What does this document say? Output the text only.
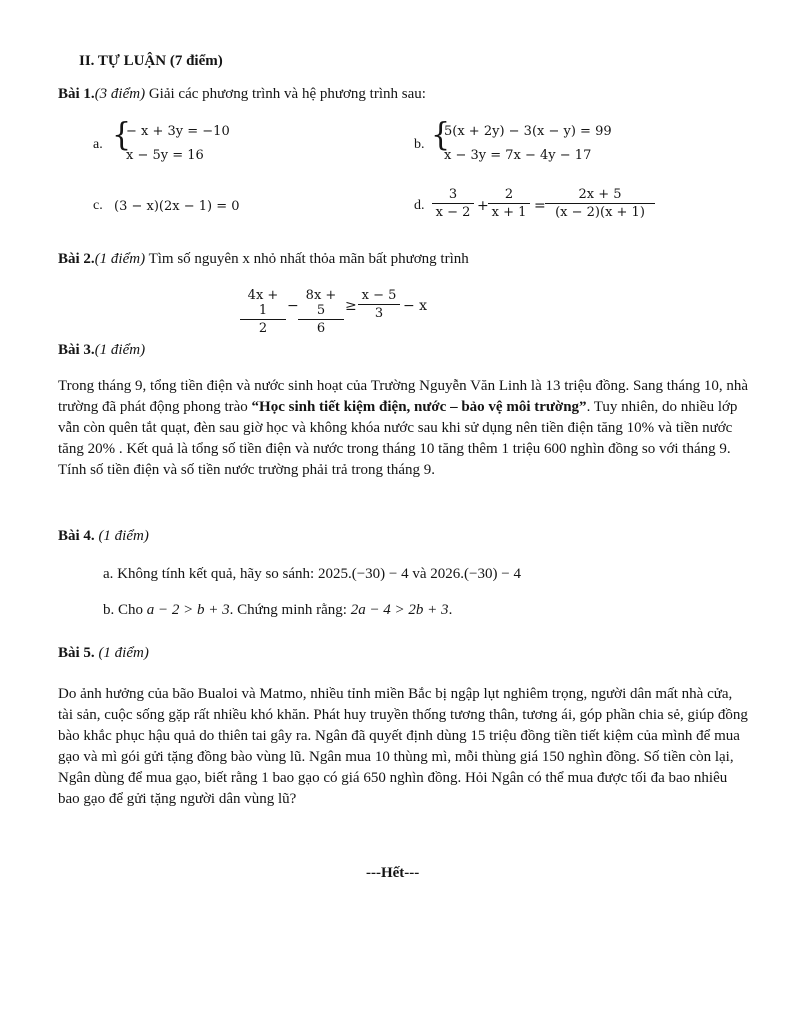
II. TỰ LUẬN (7 điểm)
Bài 1.(3 điểm) Giải các phương trình và hệ phương trình sau:
a. {
− x + 3y = −10
x − 5y = 16
b. {
5(x + 2y) − 3(x − y) = 99
x − 3y = 7x − 4y − 17
c. (3 − x)(2x − 1) = 0	d. $\frac{3}{x - 2} + \frac{2}{x + 1} = \frac{2x + 5}{(x - 2)(x + 1)}$
Bài 2.(1 điểm) Tìm số nguyên x nhỏ nhất thỏa mãn bất phương trình
$\frac{4x + 1}{2} - \frac{8x + 5}{6} \ge \frac{x - 5}{3} - x$
Bài 3.(1 điểm)

Trong tháng 9, tổng tiền điện và nước sinh hoạt của Trường Nguyễn Văn Linh là 13 triệu đồng. Sang tháng 10, nhà trường đã phát động phong trào “Học sinh tiết kiệm điện, nước – bảo vệ môi trường”. Tuy nhiên, do nhiều lớp vẫn còn quên tắt quạt, đèn sau giờ học và không khóa nước sau khi sử dụng nên tiền điện tăng 10% và tiền nước tăng 20% . Kết quả là tổng số tiền điện và nước trong tháng 10 tăng thêm 1 triệu 600 nghìn đồng so với tháng 9. Tính số tiền điện và số tiền nước trường phải trả trong tháng 9.

Bài 4. (1 điểm)
a. Không tính kết quả, hãy so sánh: 2025.(−30) − 4 và 2026.(−30) − 4
b. Cho a − 2 > b + 3. Chứng minh rằng: 2a − 4 > 2b + 3.
Bài 5. (1 điểm)

Do ảnh hưởng của bão Bualoi và Matmo, nhiều tỉnh miền Bắc bị ngập lụt nghiêm trọng, người dân mất nhà cửa, tài sản, cuộc sống gặp rất nhiều khó khăn. Phát huy truyền thống tương thân, tương ái, góp phần chia sẻ, giúp đồng bào khắc phục hậu quả do thiên tai gây ra. Ngân đã quyết định dùng 15 triệu đồng tiền tiết kiệm của mình để mua gạo và mì gói gửi tặng đồng bào vùng lũ. Ngân mua 10 thùng mì, mỗi thùng giá 150 nghìn đồng. Số tiền còn lại, Ngân dùng để mua gạo, biết rằng 1 bao gạo có giá 650 nghìn đồng. Hỏi Ngân có thể mua được tối đa bao nhiêu bao gạo để gửi tặng người dân vùng lũ?

---Hết---
